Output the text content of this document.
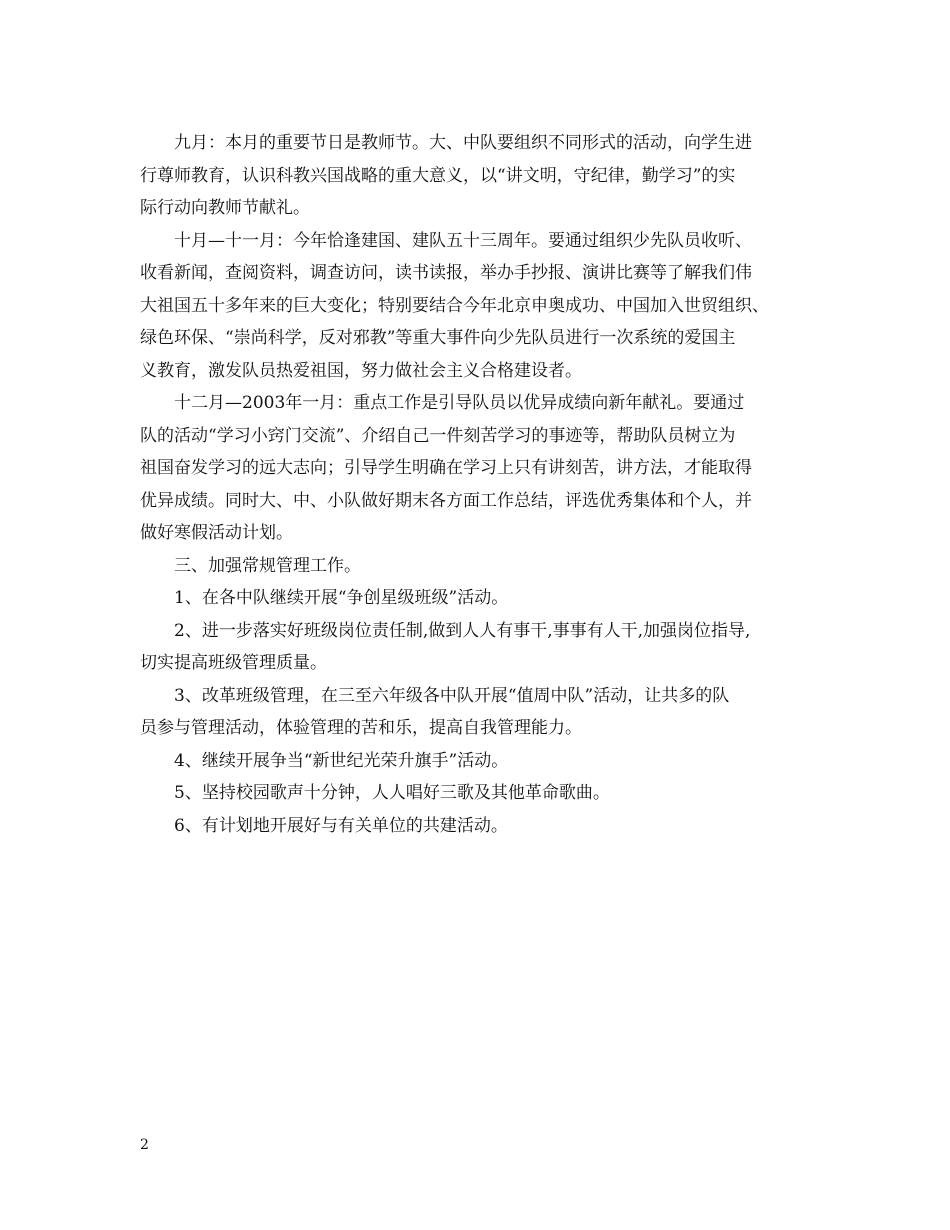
九月：本月的重要节日是教师节。大、中队要组织不同形式的活动，向学生进
行尊师教育，认识科教兴国战略的重大意义，以“讲文明，守纪律，勤学习”的实
际行动向教师节献礼。

十月—十一月：今年恰逢建国、建队五十三周年。要通过组织少先队员收听、
收看新闻，查阅资料，调查访问，读书读报，举办手抄报、演讲比赛等了解我们伟
大祖国五十多年来的巨大变化；特别要结合今年北京申奥成功、中国加入世贸组织、
绿色环保、“崇尚科学，反对邪教”等重大事件向少先队员进行一次系统的爱国主
义教育，激发队员热爱祖国，努力做社会主义合格建设者。

十二月—2003年一月：重点工作是引导队员以优异成绩向新年献礼。要通过
队的活动“学习小窍门交流”、介绍自己一件刻苦学习的事迹等，帮助队员树立为
祖国奋发学习的远大志向；引导学生明确在学习上只有讲刻苦，讲方法，才能取得
优异成绩。同时大、中、小队做好期末各方面工作总结，评选优秀集体和个人，并
做好寒假活动计划。

三、加强常规管理工作。

1、在各中队继续开展“争创星级班级”活动。

2、进一步落实好班级岗位责任制,做到人人有事干,事事有人干,加强岗位指导,
切实提高班级管理质量。

3、改革班级管理，在三至六年级各中队开展“值周中队”活动，让共多的队
员参与管理活动，体验管理的苦和乐，提高自我管理能力。

4、继续开展争当“新世纪光荣升旗手”活动。

5、坚持校园歌声十分钟，人人唱好三歌及其他革命歌曲。

6、有计划地开展好与有关单位的共建活动。

2
